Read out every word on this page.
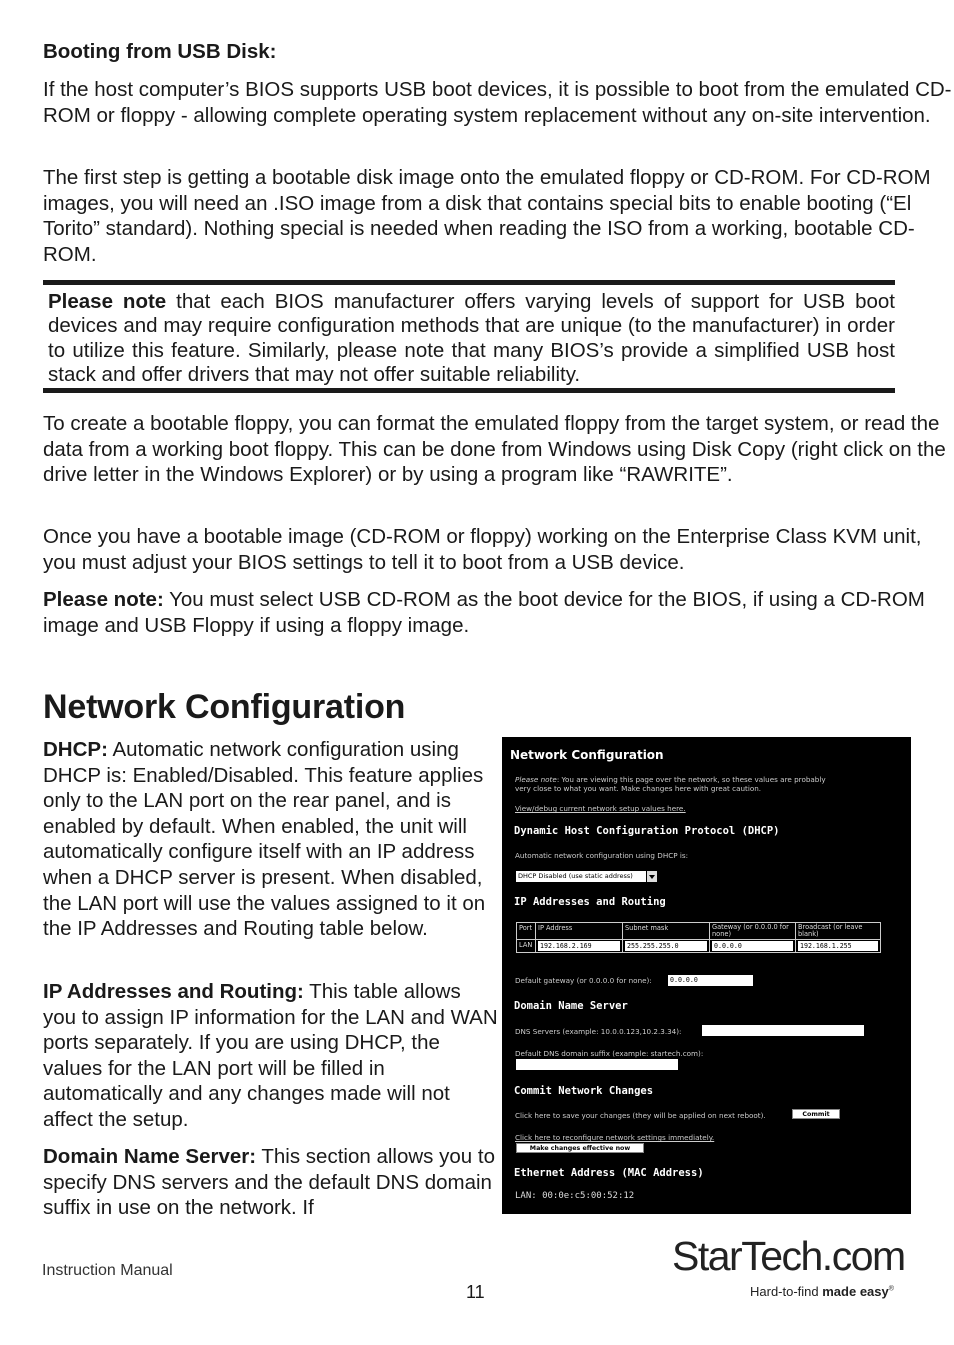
Booting from USB Disk:

If the host computer’s BIOS supports USB boot devices, it is possible to boot from the emulated CD-ROM or floppy - allowing complete operating system replacement without any on-site intervention.

The first step is getting a bootable disk image onto the emulated floppy or CD-ROM. For CD-ROM images, you will need an .ISO image from a disk that contains special bits to enable booting (“El Torito” standard). Nothing special is needed when reading the ISO from a working, bootable CD-ROM.

Please note that each BIOS manufacturer offers varying levels of support for USB boot devices and may require configuration methods that are unique (to the manufacturer) in order to utilize this feature. Similarly, please note that many BIOS’s provide a simplified USB host stack and offer drivers that may not offer suitable reliability.

To create a bootable floppy, you can format the emulated floppy from the target system, or read the data from a working boot floppy. This can be done from Windows using Disk Copy (right click on the drive letter in the Windows Explorer) or by using a program like “RAWRITE”.

Once you have a bootable image (CD-ROM or floppy) working on the Enterprise Class KVM unit, you must adjust your BIOS settings to tell it to boot from a USB device.

Please note: You must select USB CD-ROM as the boot device for the BIOS, if using a CD-ROM image and USB Floppy if using a floppy image.

Network Configuration

DHCP: Automatic network configuration using DHCP is: Enabled/Disabled. This feature applies only to the LAN port on the rear panel, and is enabled by default. When enabled, the unit will automatically configure itself with an IP address when a DHCP server is present. When disabled, the LAN port will use the values assigned to it on the IP Addresses and Routing table below.

IP Addresses and Routing: This table allows you to assign IP information for the LAN and WAN ports separately. If you are using DHCP, the values for the LAN port will be filled in automatically and any changes made will not affect the setup.

Domain Name Server: This section allows you to specify DNS servers and the default DNS domain suffix in use on the network. If

Network Configuration
Please note: You are viewing this page over the network, so these values are probably
very close to what you want. Make changes here with great caution.
View/debug current network setup values here.
Dynamic Host Configuration Protocol (DHCP)
Automatic network configuration using DHCP is:
DHCP Disabled (use static address)
IP Addresses and Routing
Port	IP Address	Subnet mask	Gateway (or 0.0.0.0 for none)	Broadcast (or leave blank)
LAN	192.168.2.169	255.255.255.0	0.0.0.0	192.168.1.255
Default gateway (or 0.0.0.0 for none):	0.0.0.0
Domain Name Server
DNS Servers (example: 10.0.0.123,10.2.3.34):
Default DNS domain suffix (example: startech.com):
Commit Network Changes
Click here to save your changes (they will be applied on next reboot).	Commit
Click here to reconfigure network settings immediately.
Make changes effective now
Ethernet Address (MAC Address)
LAN: 00:0e:c5:00:52:12
Instruction Manual
11
StarTech.com
Hard-to-find made easy®
